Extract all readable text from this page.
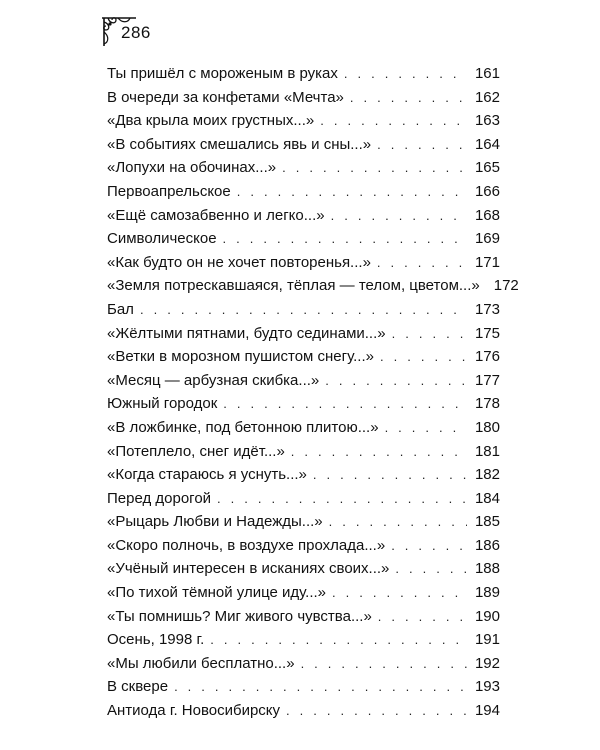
286
Ты пришёл с мороженым в руках . . .	161
В очереди за конфетами «Мечта» . . .	162
«Два крыла моих грустных...» . . .	163
«В событиях смешались явь и сны...» . . .	164
«Лопухи на обочинах...» . . .	165
Первоапрельское . . .	166
«Ещё самозабвенно и легко...» . . .	168
Символическое . . .	169
«Как будто он не хочет повторенья...» . . .	171
«Земля потрескавшаяся, тёплая — телом, цветом...» 172
Бал . . .	173
«Жёлтыми пятнами, будто сединами...» . . .	175
«Ветки в морозном пушистом снегу...» . . .	176
«Месяц — арбузная скибка...» . . .	177
Южный городок . . .	178
«В ложбинке, под бетонною плитою...» . . .	180
«Потеплело, снег идёт...» . . .	181
«Когда стараюсь я уснуть...» . . .	182
Перед дорогой . . .	184
«Рыцарь Любви и Надежды...» . . .	185
«Скоро полночь, в воздухе прохлада...» . . .	186
«Учёный интересен в исканиях своих...» . . .	188
«По тихой тёмной улице иду...» . . .	189
«Ты помнишь? Миг живого чувства...» . . .	190
Осень, 1998 г. . . .	191
«Мы любили бесплатно...» . . .	192
В сквере . . .	193
Антиода г. Новосибирску . . .	194
